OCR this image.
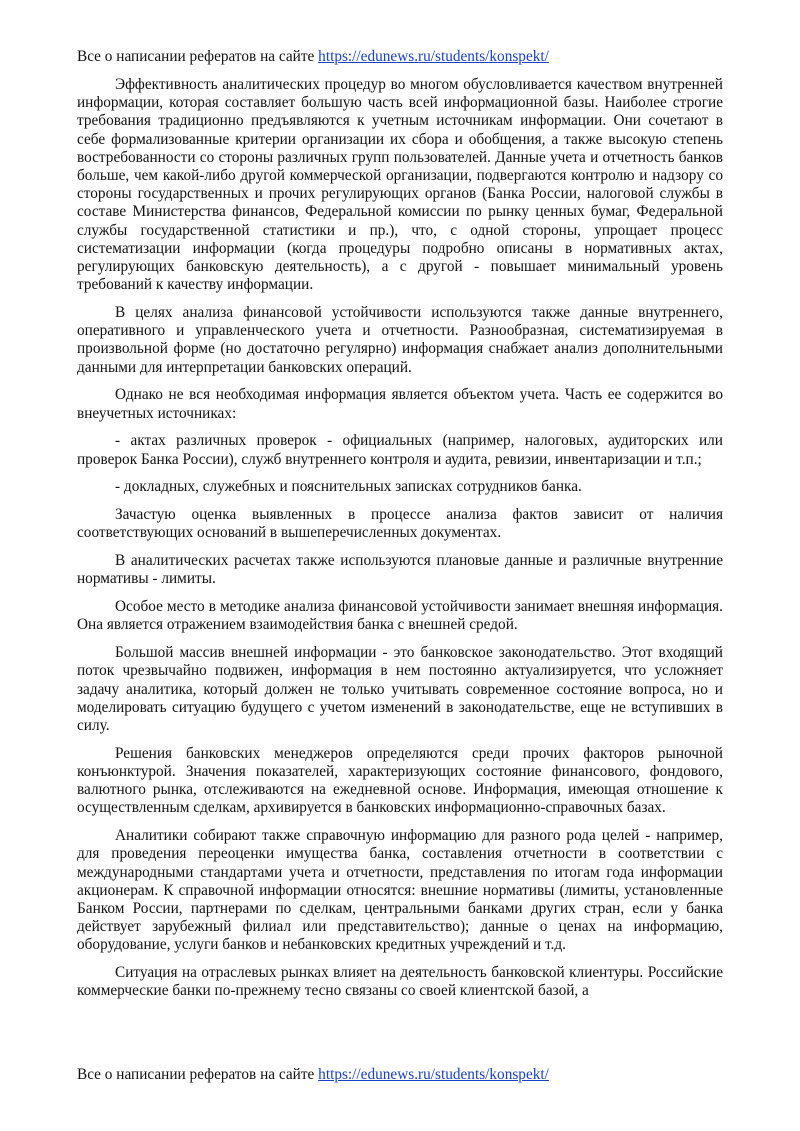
Все о написании рефератов на сайте https://edunews.ru/students/konspekt/

Эффективность аналитических процедур во многом обусловливается качеством внутренней информации, которая составляет большую часть всей информационной базы. Наиболее строгие требования традиционно предъявляются к учетным источникам информации. Они сочетают в себе формализованные критерии организации их сбора и обобщения, а также высокую степень востребованности со стороны различных групп пользователей. Данные учета и отчетность банков больше, чем какой-либо другой коммерческой организации, подвергаются контролю и надзору со стороны государственных и прочих регулирующих органов (Банка России, налоговой службы в составе Министерства финансов, Федеральной комиссии по рынку ценных бумаг, Федеральной службы государственной статистики и пр.), что, с одной стороны, упрощает процесс систематизации информации (когда процедуры подробно описаны в нормативных актах, регулирующих банковскую деятельность), а с другой - повышает минимальный уровень требований к качеству информации.

В целях анализа финансовой устойчивости используются также данные внутреннего, оперативного и управленческого учета и отчетности. Разнообразная, систематизируемая в произвольной форме (но достаточно регулярно) информация снабжает анализ дополнительными данными для интерпретации банковских операций.

Однако не вся необходимая информация является объектом учета. Часть ее содержится во внеучетных источниках:

- актах различных проверок - официальных (например, налоговых, аудиторских или проверок Банка России), служб внутреннего контроля и аудита, ревизии, инвентаризации и т.п.;

- докладных, служебных и пояснительных записках сотрудников банка.

Зачастую оценка выявленных в процессе анализа фактов зависит от наличия соответствующих оснований в вышеперечисленных документах.

В аналитических расчетах также используются плановые данные и различные внутренние нормативы - лимиты.

Особое место в методике анализа финансовой устойчивости занимает внешняя информация. Она является отражением взаимодействия банка с внешней средой.

Большой массив внешней информации - это банковское законодательство. Этот входящий поток чрезвычайно подвижен, информация в нем постоянно актуализируется, что усложняет задачу аналитика, который должен не только учитывать современное состояние вопроса, но и моделировать ситуацию будущего с учетом изменений в законодательстве, еще не вступивших в силу.

Решения банковских менеджеров определяются среди прочих факторов рыночной конъюнктурой. Значения показателей, характеризующих состояние финансового, фондового, валютного рынка, отслеживаются на ежедневной основе. Информация, имеющая отношение к осуществленным сделкам, архивируется в банковских информационно-справочных базах.

Аналитики собирают также справочную информацию для разного рода целей - например, для проведения переоценки имущества банка, составления отчетности в соответствии с международными стандартами учета и отчетности, представления по итогам года информации акционерам. К справочной информации относятся: внешние нормативы (лимиты, установленные Банком России, партнерами по сделкам, центральными банками других стран, если у банка действует зарубежный филиал или представительство); данные о ценах на информацию, оборудование, услуги банков и небанковских кредитных учреждений и т.д.

Ситуация на отраслевых рынках влияет на деятельность банковской клиентуры. Российские коммерческие банки по-прежнему тесно связаны со своей клиентской базой, а

Все о написании рефератов на сайте https://edunews.ru/students/konspekt/
